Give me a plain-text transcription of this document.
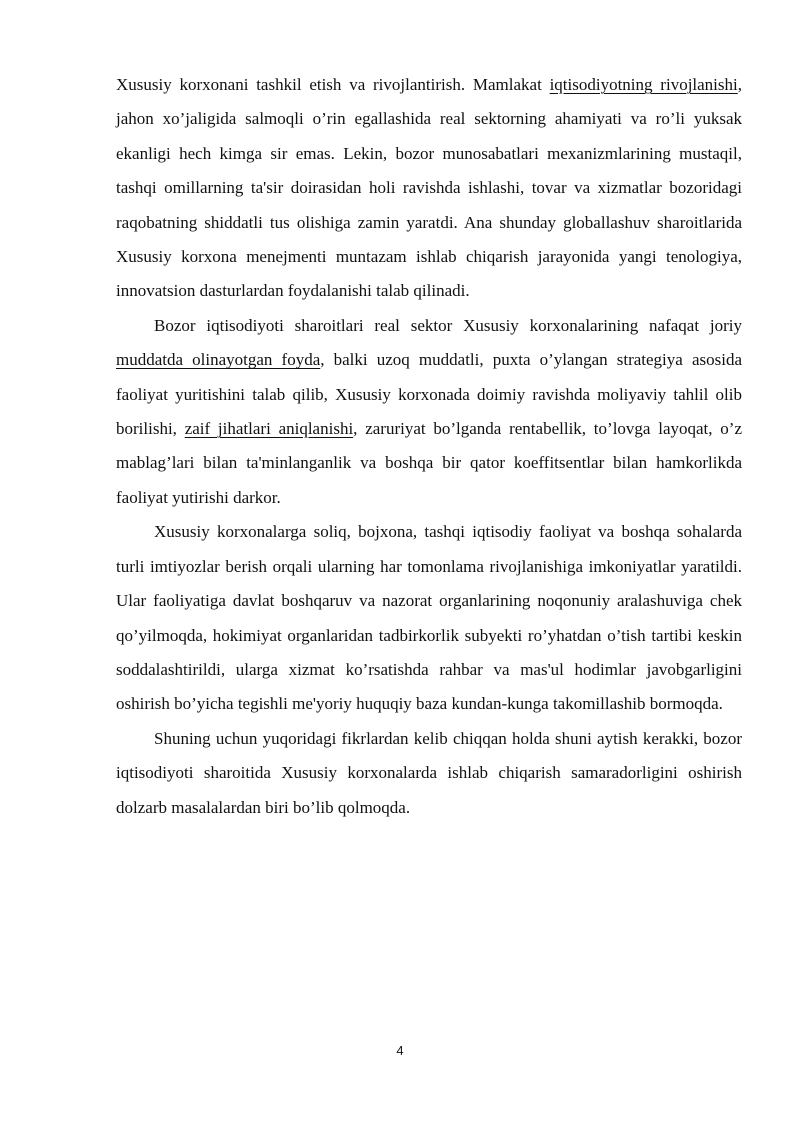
Xususiy korxonani tashkil etish va rivojlantirish. Mamlakat iqtisodiyotning rivojlanishi, jahon xo’jaligida salmoqli o’rin egallashida real sektorning ahamiyati va ro’li yuksak ekanligi hech kimga sir emas. Lekin, bozor munosabatlari mexanizmlarining mustaqil, tashqi omillarning ta'sir doirasidan holi ravishda ishlashi, tovar va xizmatlar bozoridagi raqobatning shiddatli tus olishiga zamin yaratdi. Ana shunday globallashuv sharoitlarida Xususiy korxona menejmenti muntazam ishlab chiqarish jarayonida yangi tenologiya, innovatsion dasturlardan foydalanishi talab qilinadi.

Bozor iqtisodiyoti sharoitlari real sektor Xususiy korxonalarining nafaqat joriy muddatda olinayotgan foyda, balki uzoq muddatli, puxta o’ylangan strategiya asosida faoliyat yuritishini talab qilib, Xususiy korxonada doimiy ravishda moliyaviy tahlil olib borilishi, zaif jihatlari aniqlanishi, zaruriyat bo’lganda rentabellik, to’lovga layoqat, o’z mablag’lari bilan ta'minlanganlik va boshqa bir qator koeffitsentlar bilan hamkorlikda faoliyat yutirishi darkor.

Xususiy korxonalarga soliq, bojxona, tashqi iqtisodiy faoliyat va boshqa sohalarda turli imtiyozlar berish orqali ularning har tomonlama rivojlanishiga imkoniyatlar yaratildi. Ular faoliyatiga davlat boshqaruv va nazorat organlarining noqonuniy aralashuviga chek qo’yilmoqda, hokimiyat organlaridan tadbirkorlik subyekti ro’yhatdan o’tish tartibi keskin soddalashtirildi, ularga xizmat ko’rsatishda rahbar va mas'ul hodimlar javobgarligini oshirish bo’yicha tegishli me'yoriy huquqiy baza kundan-kunga takomillashib bormoqda.

Shuning uchun yuqoridagi fikrlardan kelib chiqqan holda shuni aytish kerakki, bozor iqtisodiyoti sharoitida Xususiy korxonalarda ishlab chiqarish samaradorligini oshirish dolzarb masalalardan biri bo’lib qolmoqda.

4
